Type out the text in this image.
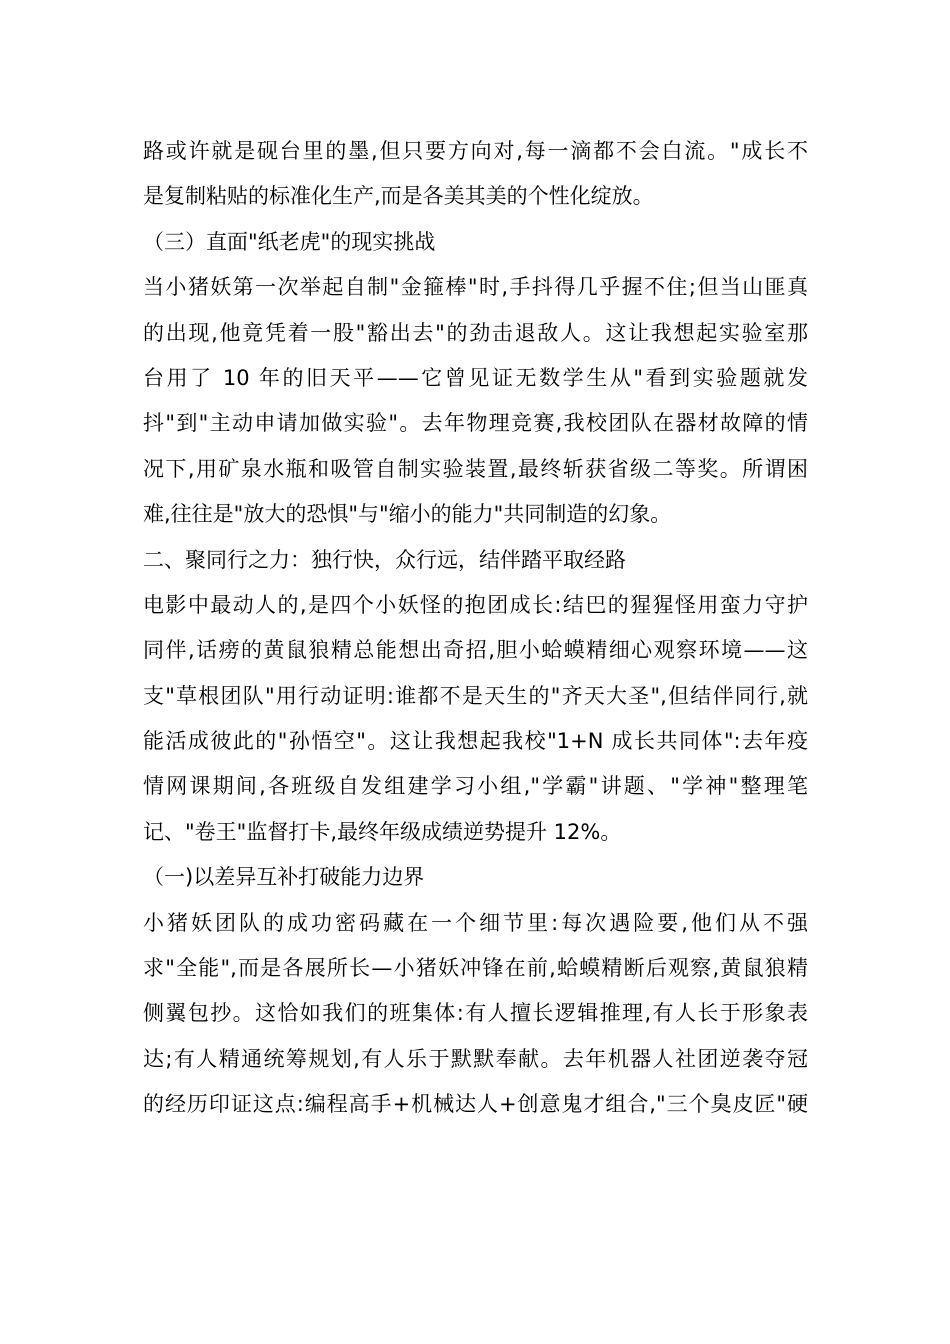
路或许就是砚台里的墨,但只要方向对,每一滴都不会白流。"成长不
是复制粘贴的标准化生产,而是各美其美的个性化绽放。
（三）直面"纸老虎"的现实挑战
当小猪妖第一次举起自制"金箍棒"时,手抖得几乎握不住;但当山匪真
的出现,他竟凭着一股"豁出去"的劲击退敌人。这让我想起实验室那
台用了 10 年的旧天平——它曾见证无数学生从"看到实验题就发
抖"到"主动申请加做实验"。去年物理竞赛,我校团队在器材故障的情
况下,用矿泉水瓶和吸管自制实验装置,最终斩获省级二等奖。所谓困
难,往往是"放大的恐惧"与"缩小的能力"共同制造的幻象。
二、聚同行之力：独行快，众行远，结伴踏平取经路
电影中最动人的,是四个小妖怪的抱团成长:结巴的猩猩怪用蛮力守护
同伴,话痨的黄鼠狼精总能想出奇招,胆小蛤蟆精细心观察环境——这
支"草根团队"用行动证明:谁都不是天生的"齐天大圣",但结伴同行,就
能活成彼此的"孙悟空"。这让我想起我校"1+N 成长共同体":去年疫
情网课期间,各班级自发组建学习小组,"学霸"讲题、"学神"整理笔
记、"卷王"监督打卡,最终年级成绩逆势提升 12%。
（一)以差异互补打破能力边界
小猪妖团队的成功密码藏在一个细节里:每次遇险要,他们从不强
求"全能",而是各展所长—小猪妖冲锋在前,蛤蟆精断后观察,黄鼠狼精
侧翼包抄。这恰如我们的班集体:有人擅长逻辑推理,有人长于形象表
达;有人精通统筹规划,有人乐于默默奉献。去年机器人社团逆袭夺冠
的经历印证这点:编程高手+机械达人+创意鬼才组合,"三个臭皮匠"硬
